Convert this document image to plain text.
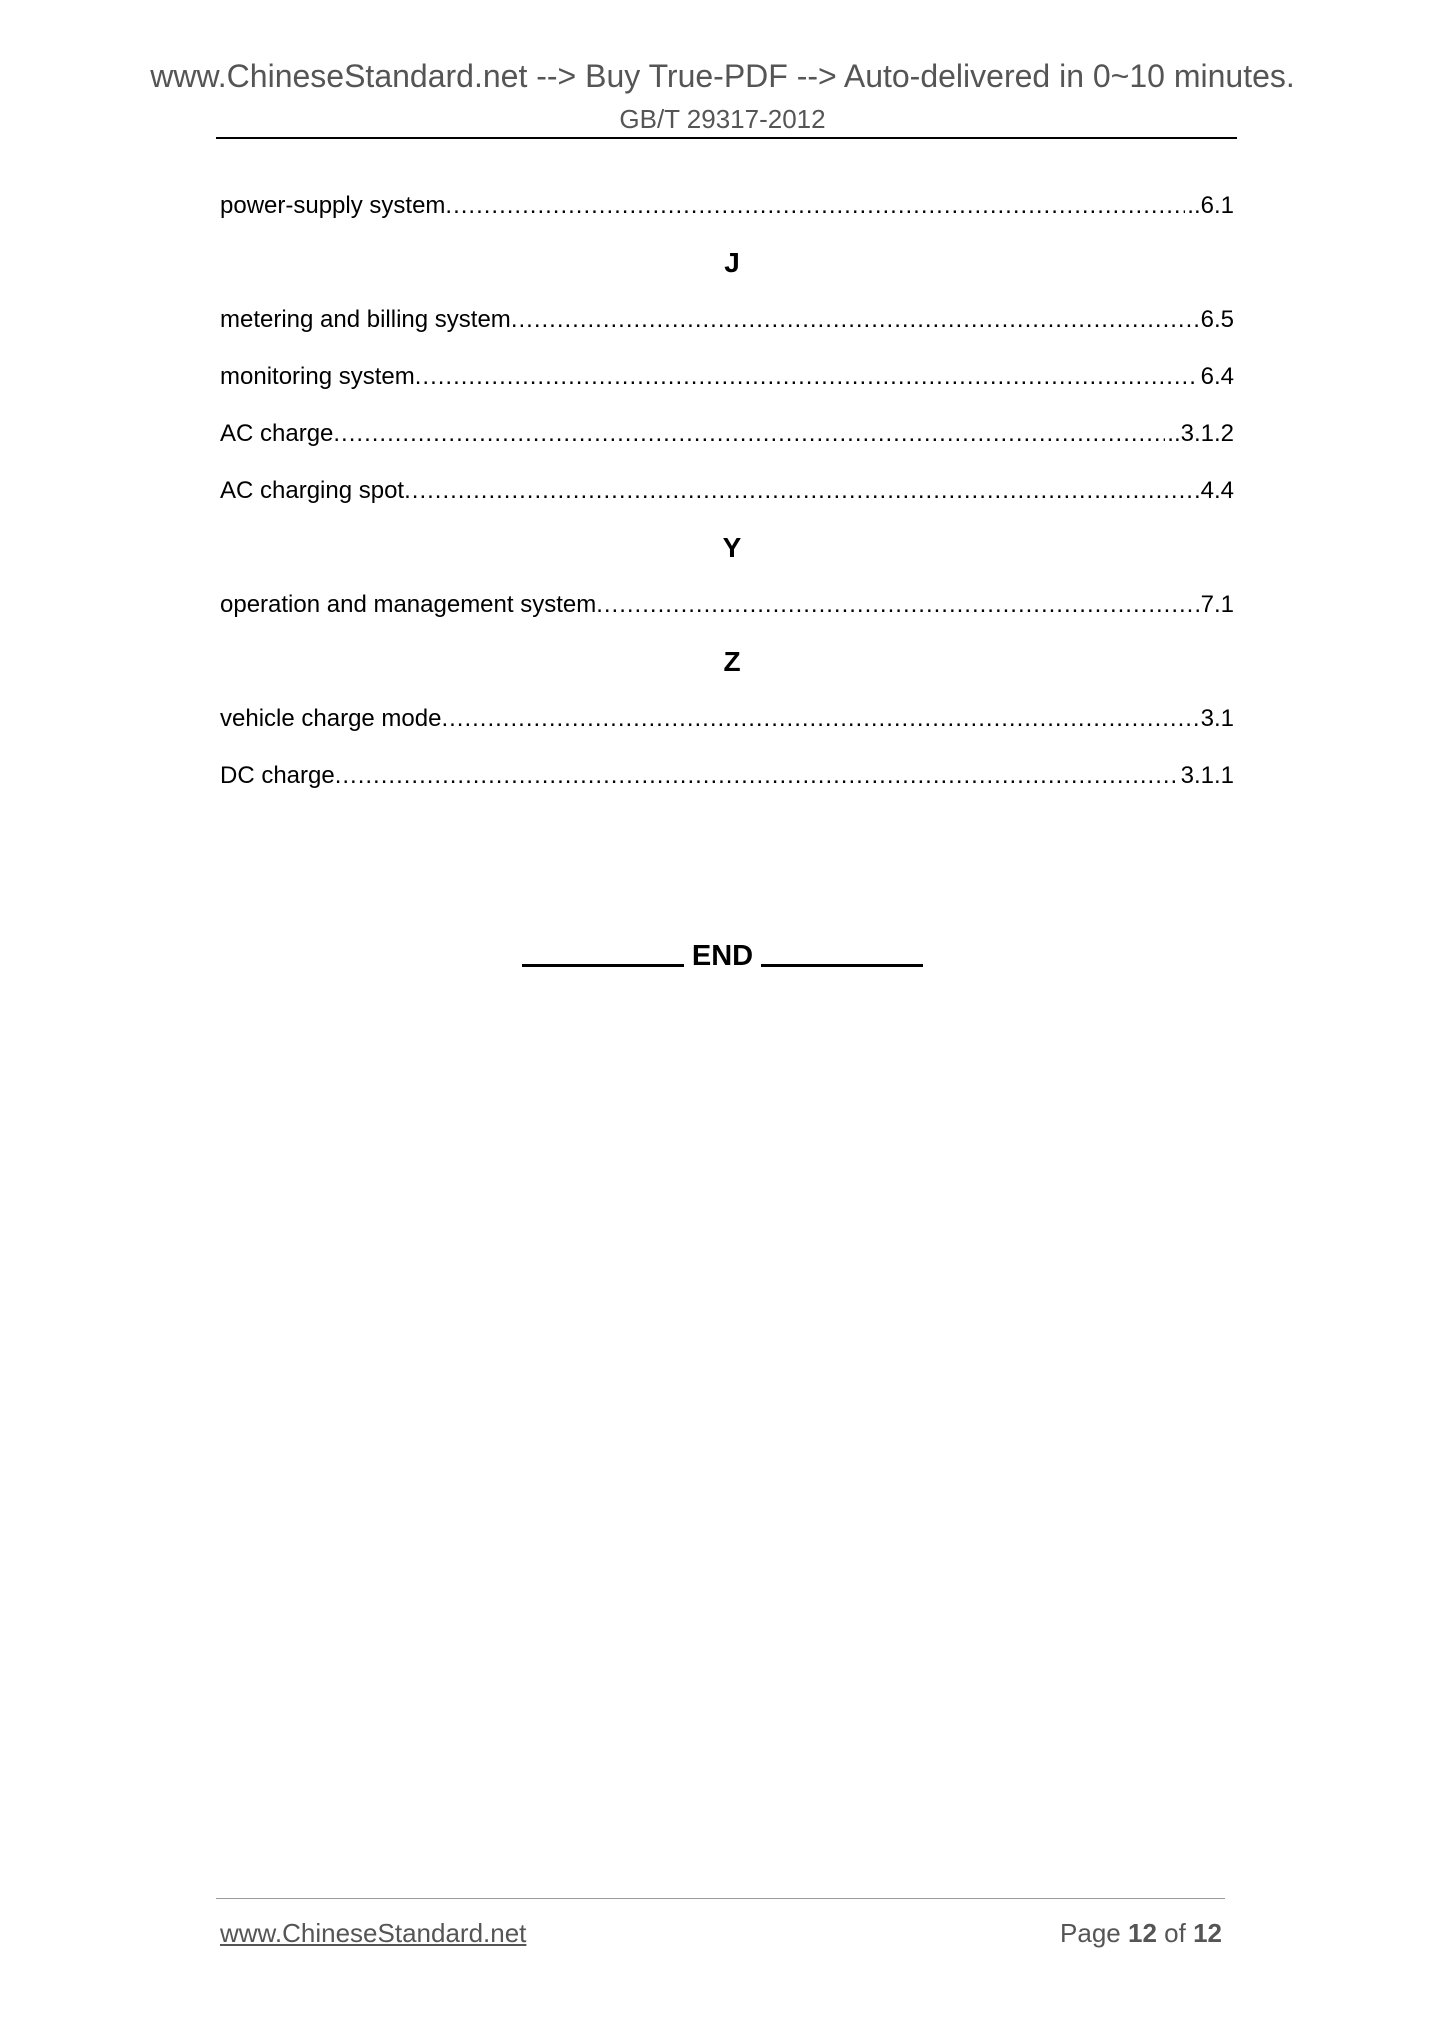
www.ChineseStandard.net --> Buy True-PDF --> Auto-delivered in 0~10 minutes.
GB/T 29317-2012
power-supply system .....	..6.1
J
metering and billing system .....	6.5
monitoring system .....	6.4
AC charge .....	..3.1.2
AC charging spot .....	.4.4
Y
operation and management system .....	7.1
Z
vehicle charge mode .....	3.1
DC charge .....	3.1.1
END
www.ChineseStandard.net	Page 12 of 12
